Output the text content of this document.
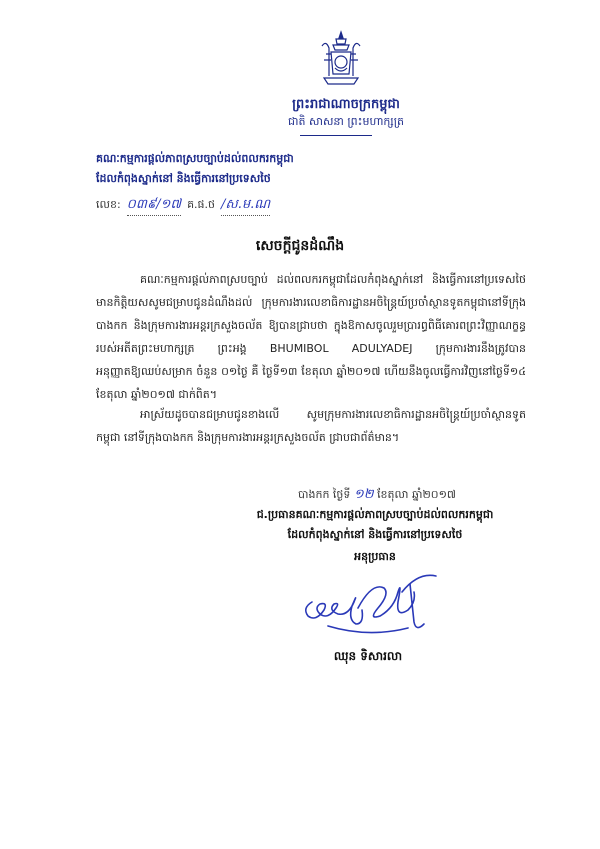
ព្រះរាជាណាចក្រកម្ពុជា
ជាតិ សាសនា ព្រះមហាក្សត្រ
គណៈកម្មការផ្តល់ភាពស្របច្បាប់ដល់ពលករកម្ពុជា
ដែលកំពុងស្នាក់នៅ និងធ្វើការនៅប្រទេសថៃ
លេខ: ០៣៩/១៧ គ.ផ.ថ /ស.ម.ណ
សេចក្តីជូនដំណឹង
គណៈកម្មការផ្តល់ភាពស្របច្បាប់ ដល់ពលករកម្ពុជាដែលកំពុងស្នាក់នៅ និងធ្វើការនៅប្រទេសថៃ មានកិត្តិយសសូមជម្រាបជូនដំណឹងដល់ ក្រុមការងារលេខាធិការដ្ឋានអចិន្ត្រៃយ៍ប្រចាំស្ថានទូតកម្ពុជានៅទីក្រុងបាងកក និងក្រុមការងារអន្តរក្រសួងចល័ត ឱ្យបានជ្រាបថា ក្នុងឱកាសចូលរួមប្រារព្ធពិធីគោរពព្រះវិញ្ញាណក្ខន្ធរបស់អតីតព្រះមហាក្សត្រ ព្រះអង្គ BHUMIBOL ADULYADEJ ក្រុមការងារនឹងត្រូវបានអនុញ្ញាតឱ្យឈប់សម្រាក ចំនួន ០១ថ្ងៃ គឺ ថ្ងៃទី១៣ ខែតុលា ឆ្នាំ២០១៧ ហើយនឹងចូលធ្វើការវិញនៅថ្ងៃទី១៤ ខែតុលា ឆ្នាំ២០១៧ ជាក់ពិត។
អាស្រ័យដូចបានជម្រាបជូនខាងលើ សូមក្រុមការងារលេខាធិការដ្ឋានអចិន្ត្រៃយ៍ប្រចាំស្ថានទូតកម្ពុជា នៅទីក្រុងបាងកក និងក្រុមការងារអន្តរក្រសួងចល័ត ជ្រាបជាព័ត៌មាន។
បាងកក ថ្ងៃទី ១២ ខែតុលា ឆ្នាំ២០១៧
ជ.ប្រធានគណៈកម្មការផ្តល់ភាពស្របច្បាប់ដល់ពលករកម្ពុជា
ដែលកំពុងស្នាក់នៅ និងធ្វើការនៅប្រទេសថៃ
អនុប្រធាន
ឈុន ទិសារលា
